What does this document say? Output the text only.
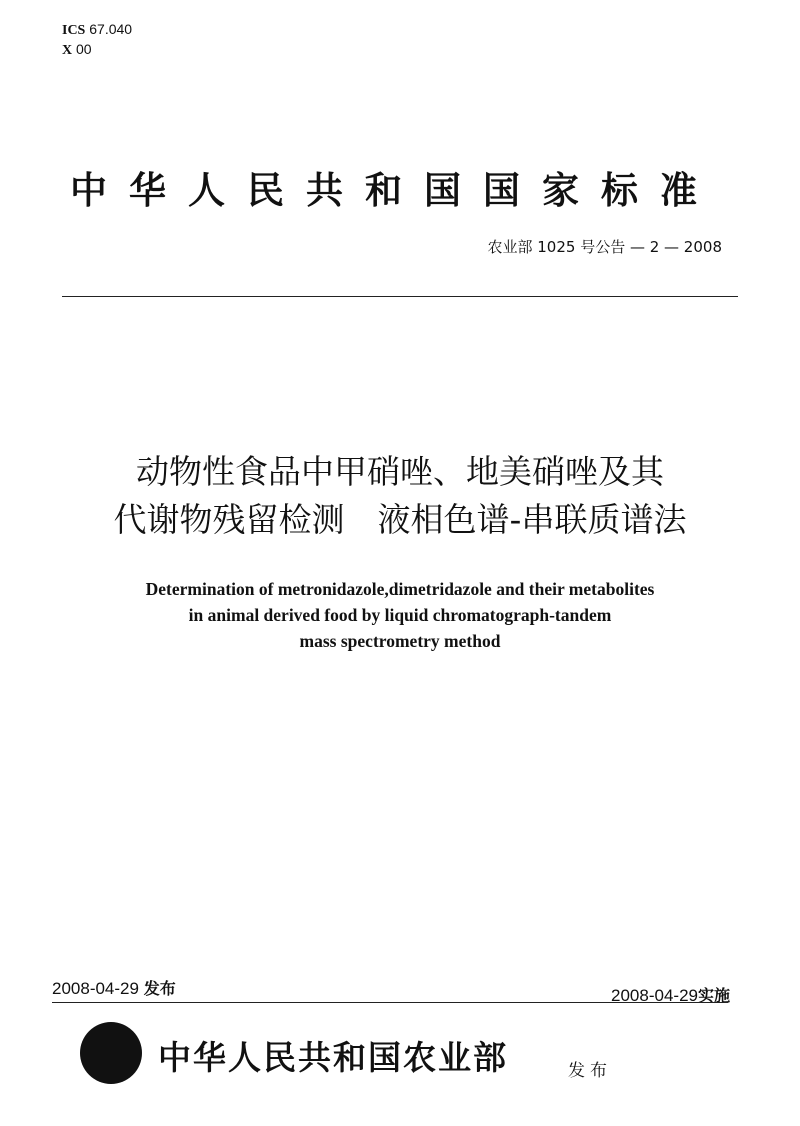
ICS 67.040
X 00
中华人民共和国国家标准
农业部 1025 号公告 — 2 — 2008
动物性食品中甲硝唑、地美硝唑及其
代谢物残留检测　液相色谱-串联质谱法
Determination of metronidazole,dimetridazole and their metabolites
in animal derived food by liquid chromatograph-tandem
mass spectrometry method
2008-04-29 发布	2008-04-29实施
中华人民共和国农业部	发布
